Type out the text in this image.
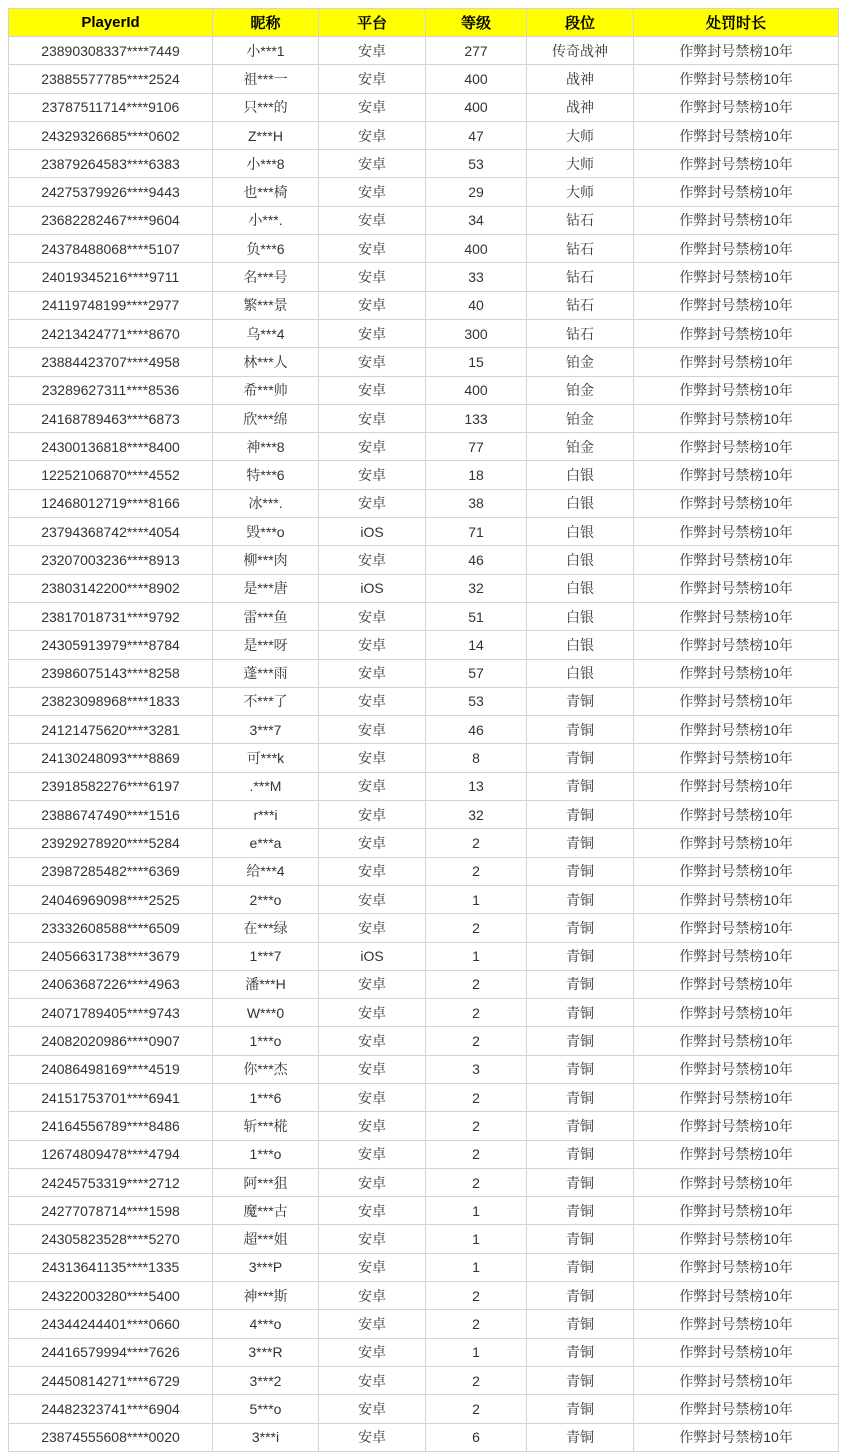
PlayerId	昵称	平台	等级	段位	处罚时长
23890308337****7449	小***1	安卓	277	传奇战神	作弊封号禁榜10年
23885577785****2524	祖***一	安卓	400	战神	作弊封号禁榜10年
23787511714****9106	只***的	安卓	400	战神	作弊封号禁榜10年
24329326685****0602	Z***H	安卓	47	大师	作弊封号禁榜10年
23879264583****6383	小***8	安卓	53	大师	作弊封号禁榜10年
24275379926****9443	也***椅	安卓	29	大师	作弊封号禁榜10年
23682282467****9604	小***.	安卓	34	钻石	作弊封号禁榜10年
24378488068****5107	负***6	安卓	400	钻石	作弊封号禁榜10年
24019345216****9711	名***号	安卓	33	钻石	作弊封号禁榜10年
24119748199****2977	繁***景	安卓	40	钻石	作弊封号禁榜10年
24213424771****8670	乌***4	安卓	300	钻石	作弊封号禁榜10年
23884423707****4958	林***人	安卓	15	铂金	作弊封号禁榜10年
23289627311****8536	希***帅	安卓	400	铂金	作弊封号禁榜10年
24168789463****6873	欣***绵	安卓	133	铂金	作弊封号禁榜10年
24300136818****8400	神***8	安卓	77	铂金	作弊封号禁榜10年
12252106870****4552	特***6	安卓	18	白银	作弊封号禁榜10年
12468012719****8166	冰***.	安卓	38	白银	作弊封号禁榜10年
23794368742****4054	毁***o	iOS	71	白银	作弊封号禁榜10年
23207003236****8913	柳***肉	安卓	46	白银	作弊封号禁榜10年
23803142200****8902	是***唐	iOS	32	白银	作弊封号禁榜10年
23817018731****9792	雷***鱼	安卓	51	白银	作弊封号禁榜10年
24305913979****8784	是***呀	安卓	14	白银	作弊封号禁榜10年
23986075143****8258	蓬***雨	安卓	57	白银	作弊封号禁榜10年
23823098968****1833	不***了	安卓	53	青铜	作弊封号禁榜10年
24121475620****3281	3***7	安卓	46	青铜	作弊封号禁榜10年
24130248093****8869	可***k	安卓	8	青铜	作弊封号禁榜10年
23918582276****6197	.***M	安卓	13	青铜	作弊封号禁榜10年
23886747490****1516	r***i	安卓	32	青铜	作弊封号禁榜10年
23929278920****5284	e***a	安卓	2	青铜	作弊封号禁榜10年
23987285482****6369	给***4	安卓	2	青铜	作弊封号禁榜10年
24046969098****2525	2***o	安卓	1	青铜	作弊封号禁榜10年
23332608588****6509	在***绿	安卓	2	青铜	作弊封号禁榜10年
24056631738****3679	1***7	iOS	1	青铜	作弊封号禁榜10年
24063687226****4963	潘***H	安卓	2	青铜	作弊封号禁榜10年
24071789405****9743	W***0	安卓	2	青铜	作弊封号禁榜10年
24082020986****0907	1***o	安卓	2	青铜	作弊封号禁榜10年
24086498169****4519	你***杰	安卓	3	青铜	作弊封号禁榜10年
24151753701****6941	1***6	安卓	2	青铜	作弊封号禁榜10年
24164556789****8486	斩***椛	安卓	2	青铜	作弊封号禁榜10年
12674809478****4794	1***o	安卓	2	青铜	作弊封号禁榜10年
24245753319****2712	阿***狙	安卓	2	青铜	作弊封号禁榜10年
24277078714****1598	魔***古	安卓	1	青铜	作弊封号禁榜10年
24305823528****5270	超***姐	安卓	1	青铜	作弊封号禁榜10年
24313641135****1335	3***P	安卓	1	青铜	作弊封号禁榜10年
24322003280****5400	神***斯	安卓	2	青铜	作弊封号禁榜10年
24344244401****0660	4***o	安卓	2	青铜	作弊封号禁榜10年
24416579994****7626	3***R	安卓	1	青铜	作弊封号禁榜10年
24450814271****6729	3***2	安卓	2	青铜	作弊封号禁榜10年
24482323741****6904	5***o	安卓	2	青铜	作弊封号禁榜10年
23874555608****0020	3***i	安卓	6	青铜	作弊封号禁榜10年
